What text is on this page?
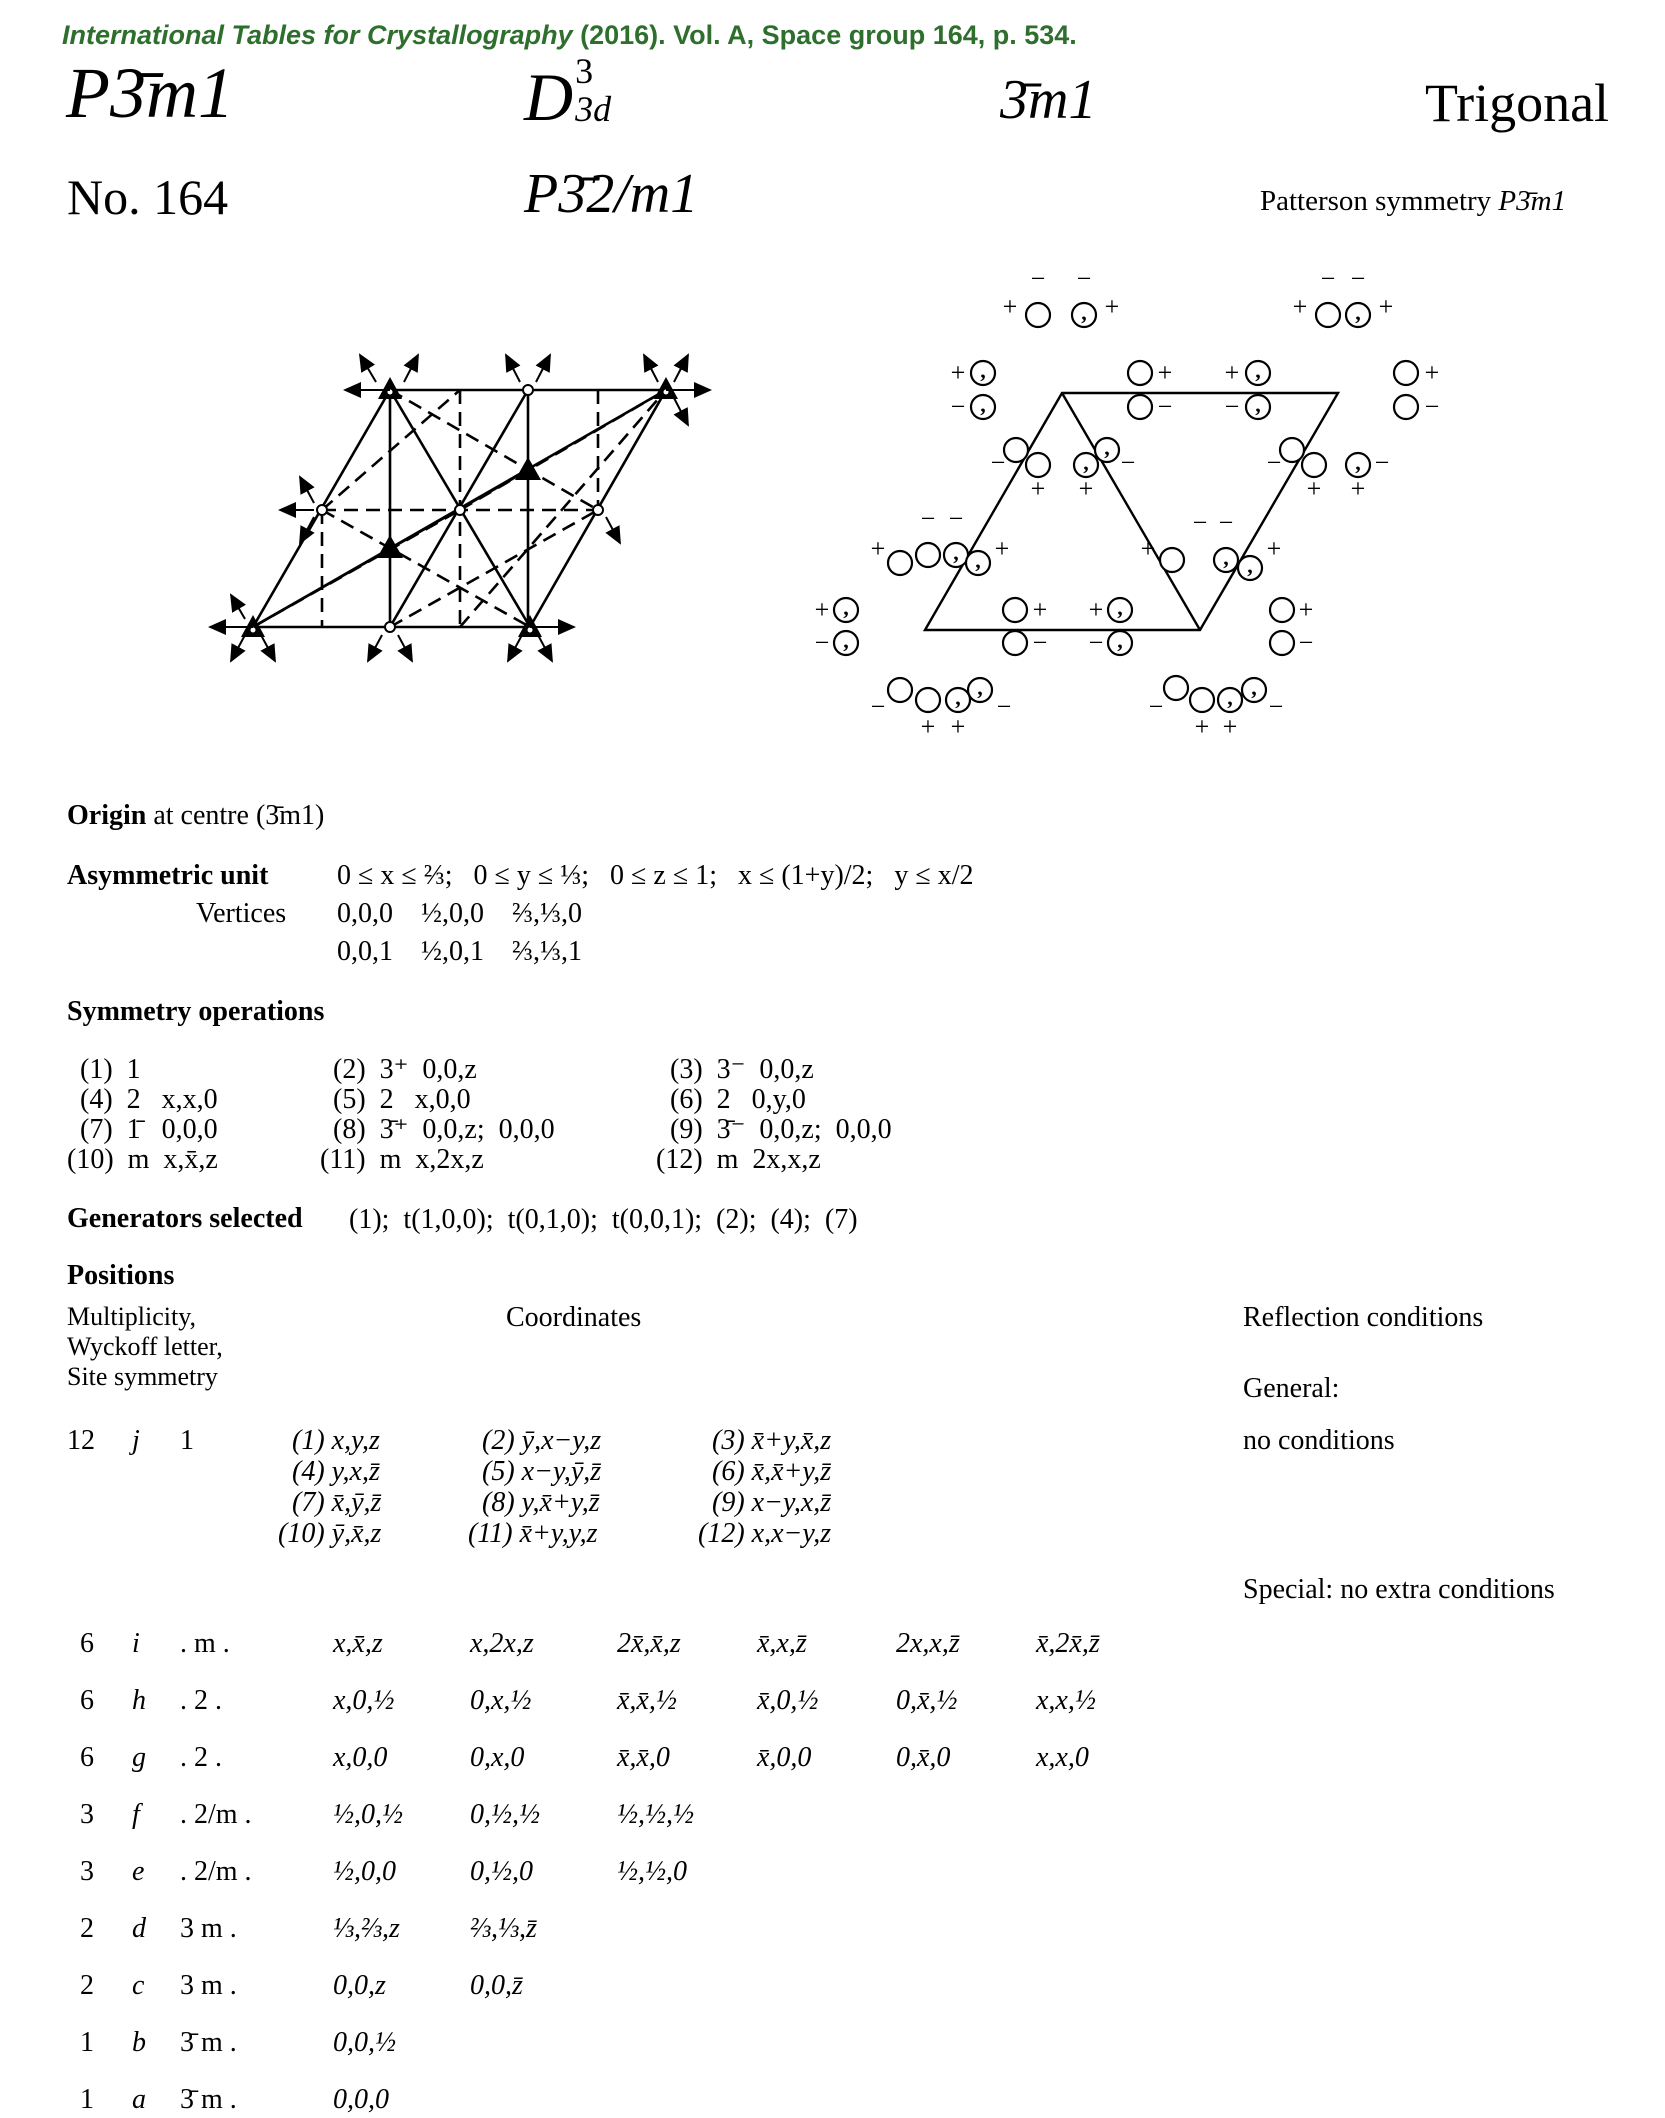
International Tables for Crystallography (2016). Vol. A, Space group 164, p. 534.
P3̄m1	D 3
3d	3̄m1	Trigonal
No. 164	P3̄2/m1	Patterson symmetry P3̄m1
− −
+	+
+
−
+
−
−
+ +
−
− −
+	+
+
−
+
−
−
+ +
−
− −
+	+
+
−
+
−
+
−
−
+ +
−
+
− −
+
+
−
−
+ +
−
,
,
,
,
,
,
,
,
,
, ,
,
,
, ,
,
,
, ,
, ,
Origin at centre (3̄m1)
Asymmetric unit 0 ≤ x ≤ ⅔;   0 ≤ y ≤ ⅓;   0 ≤ z ≤ 1;   x ≤ (1+y)/2;   y ≤ x/2
Vertices 0,0,0    ½,0,0    ⅔,⅓,0
0,0,1    ½,0,1    ⅔,⅓,1
Symmetry operations
(1)  1	(2)  3⁺  0,0,z	(3)  3⁻  0,0,z
(4)  2   x,x,0	(5)  2   x,0,0	(6)  2   0,y,0
(7)  1̄   0,0,0	(8)  3̄⁺  0,0,z;  0,0,0	(9)  3̄⁻  0,0,z;  0,0,0
(10)  m  x,x̄,z	(11)  m  x,2x,z	(12)  m  2x,x,z
Generators selected (1);  t(1,0,0);  t(0,1,0);  t(0,0,1);  (2);  (4);  (7)
Positions
Multiplicity,
Wyckoff letter,
Site symmetry
Coordinates	Reflection conditions
General:
no conditions
Special: no extra conditions
12 j 1	(1) x,y,z	(2) ȳ,x−y,z	(3) x̄+y,x̄,z
(4) y,x,z̄	(5) x−y,ȳ,z̄	(6) x̄,x̄+y,z̄
(7) x̄,ȳ,z̄	(8) y,x̄+y,z̄	(9) x−y,x,z̄
(10) ȳ,x̄,z	(11) x̄+y,y,z	(12) x,x−y,z
6 i . m .	x,x̄,z	x,2x,z	2x̄,x̄,z	x̄,x,z̄	2x,x,z̄	x̄,2x̄,z̄
6 h . 2 .	x,0,½	0,x,½	x̄,x̄,½	x̄,0,½	0,x̄,½	x,x,½
6 g . 2 .	x,0,0	0,x,0	x̄,x̄,0	x̄,0,0	0,x̄,0	x,x,0
3 f . 2/m .	½,0,½ 0,½,½	½,½,½
3 e . 2/m .	½,0,0	0,½,0	½,½,0
2 d 3 m .	⅓,⅔,z	⅔,⅓,z̄
2 c 3 m .	0,0,z	0,0,z̄
1 b 3̄ m .	0,0,½
1 a 3̄ m .	0,0,0
